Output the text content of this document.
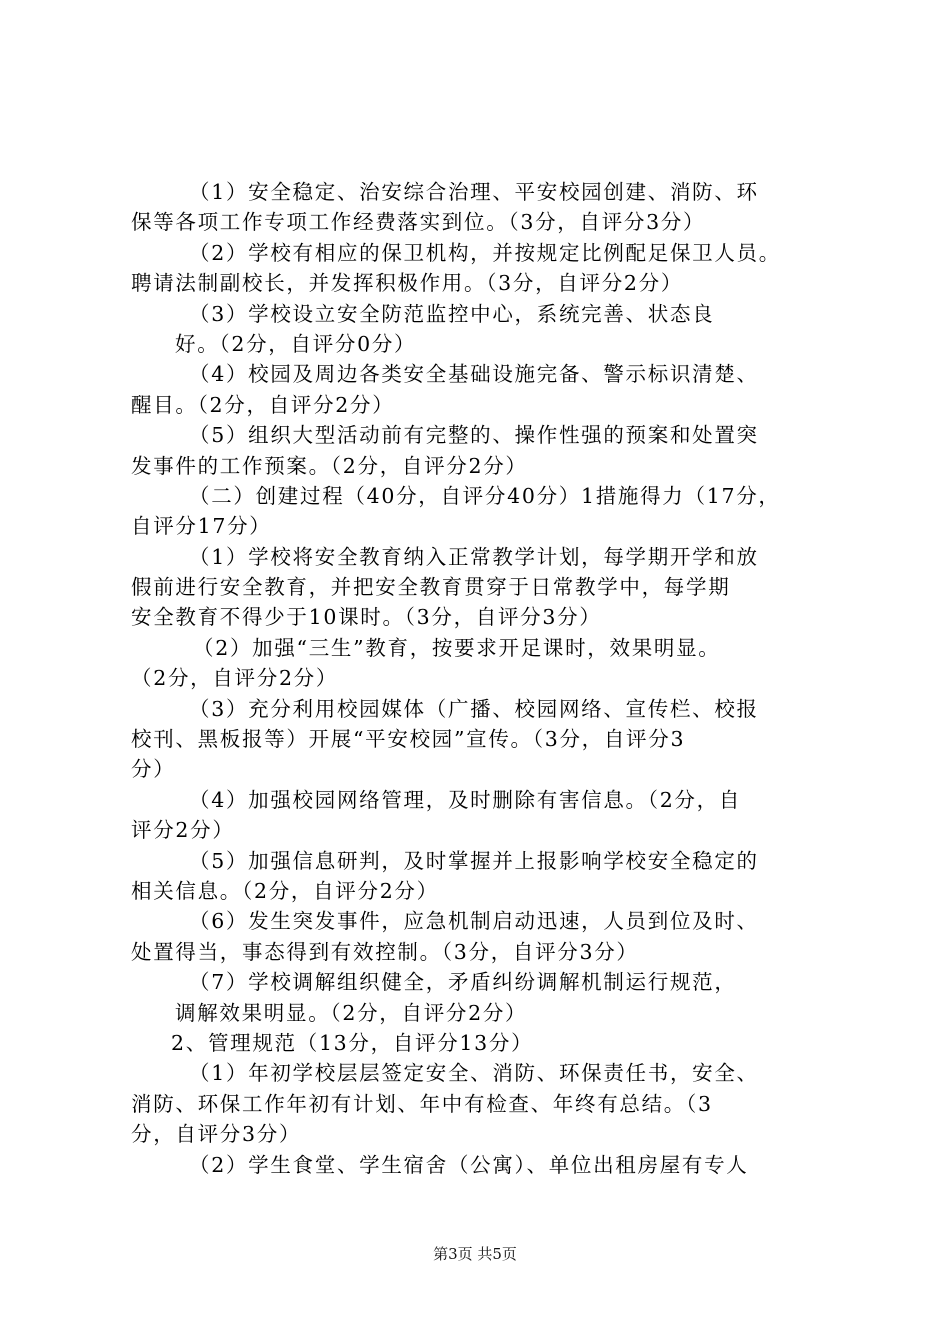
（1）安全稳定、治安综合治理、平安校园创建、消防、环
保等各项工作专项工作经费落实到位。（3分，自评分3分）
（2）学校有相应的保卫机构，并按规定比例配足保卫人员。
聘请法制副校长，并发挥积极作用。（3分，自评分2分）
（3）学校设立安全防范监控中心，系统完善、状态良
好。（2分，自评分0分）
（4）校园及周边各类安全基础设施完备、警示标识清楚、
醒目。（2分，自评分2分）
（5）组织大型活动前有完整的、操作性强的预案和处置突
发事件的工作预案。（2分，自评分2分）
（二）创建过程（40分，自评分40分）1措施得力（17分，
自评分17分）
（1）学校将安全教育纳入正常教学计划，每学期开学和放
假前进行安全教育，并把安全教育贯穿于日常教学中，每学期
安全教育不得少于10课时。（3分，自评分3分）
（2）加强“三生”教育，按要求开足课时，效果明显。
（2分，自评分2分）
（3）充分利用校园媒体（广播、校园网络、宣传栏、校报
校刊、黑板报等）开展“平安校园”宣传。（3分，自评分3
分）
（4）加强校园网络管理，及时删除有害信息。（2分，自
评分2分）
（5）加强信息研判，及时掌握并上报影响学校安全稳定的
相关信息。（2分，自评分2分）
（6）发生突发事件，应急机制启动迅速，人员到位及时、
处置得当，事态得到有效控制。（3分，自评分3分）
（7）学校调解组织健全，矛盾纠纷调解机制运行规范，
调解效果明显。（2分，自评分2分）
2、管理规范（13分，自评分13分）
（1）年初学校层层签定安全、消防、环保责任书，安全、
消防、环保工作年初有计划、年中有检查、年终有总结。（3
分，自评分3分）
（2）学生食堂、学生宿舍（公寓）、单位出租房屋有专人
第3页 共5页
